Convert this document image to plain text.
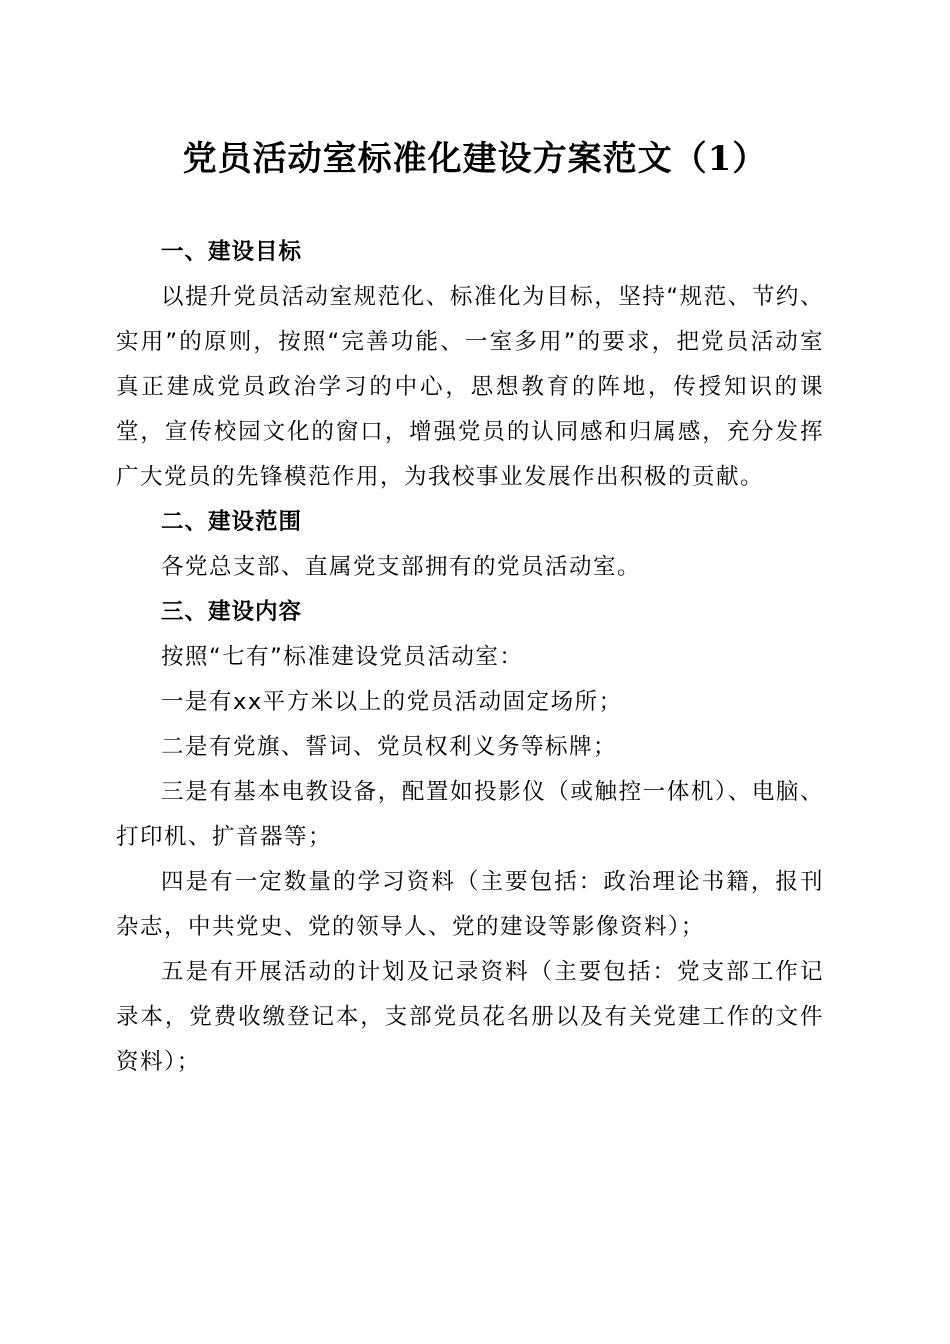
党员活动室标准化建设方案范文（1）

一、建设目标

以提升党员活动室规范化、标准化为目标，坚持“规范、节约、实用”的原则，按照“完善功能、一室多用”的要求，把党员活动室真正建成党员政治学习的中心，思想教育的阵地，传授知识的课堂，宣传校园文化的窗口，增强党员的认同感和归属感，充分发挥广大党员的先锋模范作用，为我校事业发展作出积极的贡献。

二、建设范围

各党总支部、直属党支部拥有的党员活动室。

三、建设内容

按照“七有”标准建设党员活动室：

一是有xx平方米以上的党员活动固定场所；

二是有党旗、誓词、党员权利义务等标牌；

三是有基本电教设备，配置如投影仪（或触控一体机）、电脑、打印机、扩音器等；

四是有一定数量的学习资料（主要包括：政治理论书籍，报刊杂志，中共党史、党的领导人、党的建设等影像资料）；

五是有开展活动的计划及记录资料（主要包括：党支部工作记录本，党费收缴登记本，支部党员花名册以及有关党建工作的文件资料）；
